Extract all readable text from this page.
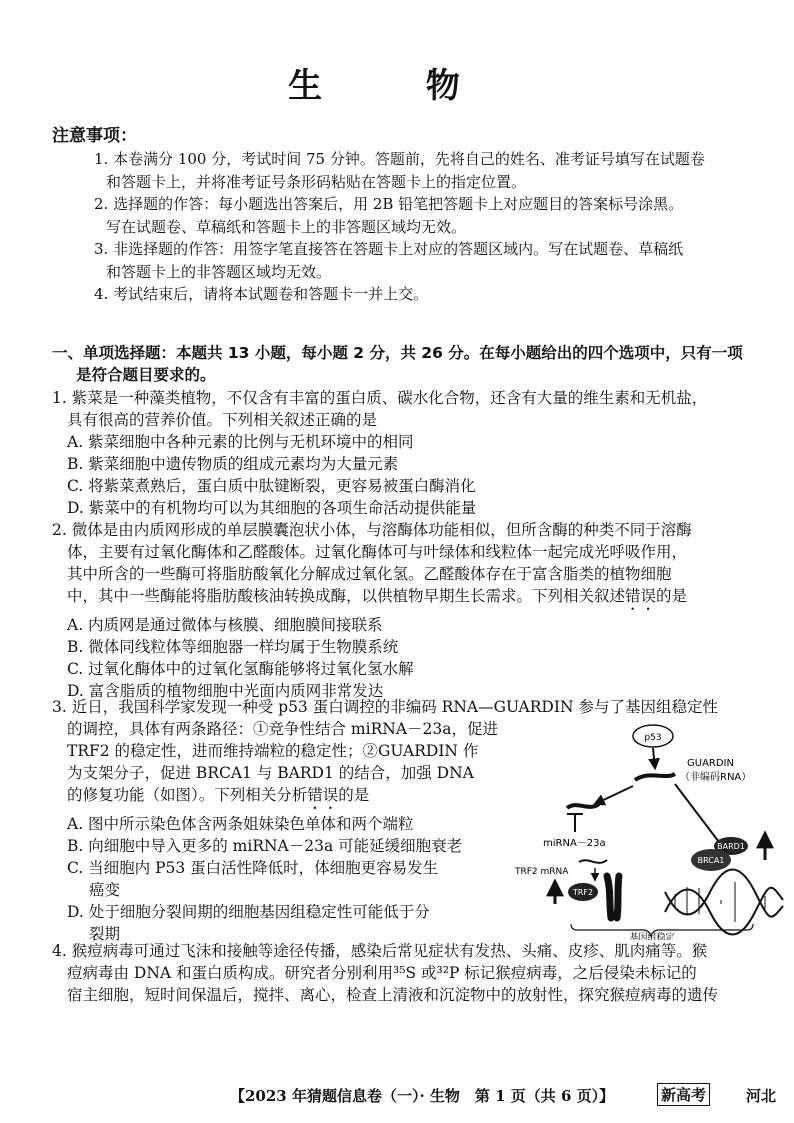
生 物
注意事项：

1. 本卷满分 100 分，考试时间 75 分钟。答题前，先将自己的姓名、准考证号填写在试题卷

和答题卡上，并将准考证号条形码粘贴在答题卡上的指定位置。

2. 选择题的作答：每小题选出答案后，用 2B 铅笔把答题卡上对应题目的答案标号涂黑。

写在试题卷、草稿纸和答题卡上的非答题区域均无效。

3. 非选择题的作答：用签字笔直接答在答题卡上对应的答题区域内。写在试题卷、草稿纸

和答题卡上的非答题区域均无效。

4. 考试结束后，请将本试题卷和答题卡一并上交。

一、单项选择题：本题共 13 小题，每小题 2 分，共 26 分。在每小题给出的四个选项中，只有一项
是符合题目要求的。

1. 紫菜是一种藻类植物，不仅含有丰富的蛋白质、碳水化合物，还含有大量的维生素和无机盐，

具有很高的营养价值。下列相关叙述正确的是

A. 紫菜细胞中各种元素的比例与无机环境中的相同

B. 紫菜细胞中遗传物质的组成元素均为大量元素

C. 将紫菜煮熟后，蛋白质中肽键断裂，更容易被蛋白酶消化

D. 紫菜中的有机物均可以为其细胞的各项生命活动提供能量

2. 微体是由内质网形成的单层膜囊泡状小体，与溶酶体功能相似，但所含酶的种类不同于溶酶

体，主要有过氧化酶体和乙醛酸体。过氧化酶体可与叶绿体和线粒体一起完成光呼吸作用，

其中所含的一些酶可将脂肪酸氧化分解成过氧化氢。乙醛酸体存在于富含脂类的植物细胞

中，其中一些酶能将脂肪酸核油转换成酶，以供植物早期生长需求。下列相关叙述错误的是

A. 内质网是通过微体与核膜、细胞膜间接联系

B. 微体同线粒体等细胞器一样均属于生物膜系统

C. 过氧化酶体中的过氧化氢酶能够将过氧化氢水解

D. 富含脂质的植物细胞中光面内质网非常发达

3. 近日，我国科学家发现一种受 p53 蛋白调控的非编码 RNA—GUARDIN 参与了基因组稳定性

的调控，具体有两条路径：①竞争性结合 miRNA－23a，促进

TRF2 的稳定性，进而维持端粒的稳定性；②GUARDIN 作

为支架分子，促进 BRCA1 与 BARD1 的结合，加强 DNA

的修复功能（如图）。下列相关分析错误的是

A. 图中所示染色体含两条姐妹染色单体和两个端粒

B. 向细胞中导入更多的 miRNA－23a 可能延缓细胞衰老

C. 当细胞内 P53 蛋白活性降低时，体细胞更容易发生

癌变

D. 处于细胞分裂间期的细胞基因组稳定性可能低于分

裂期

p53
GUARDIN
（非编码RNA）
miRNA－23a
TRF2 mRNA
TRF2
BARD1
BRCA1
基因组稳定

4. 猴痘病毒可通过飞沫和接触等途径传播，感染后常见症状有发热、头痛、皮疹、肌肉痛等。猴

痘病毒由 DNA 和蛋白质构成。研究者分别利用³⁵S 或³²P 标记猴痘病毒，之后侵染未标记的

宿主细胞，短时间保温后，搅拌、离心，检查上清液和沉淀物中的放射性，探究猴痘病毒的遗传

【2023 年猜题信息卷（一）· 生物　第 1 页（共 6 页）】	新高考	河北
